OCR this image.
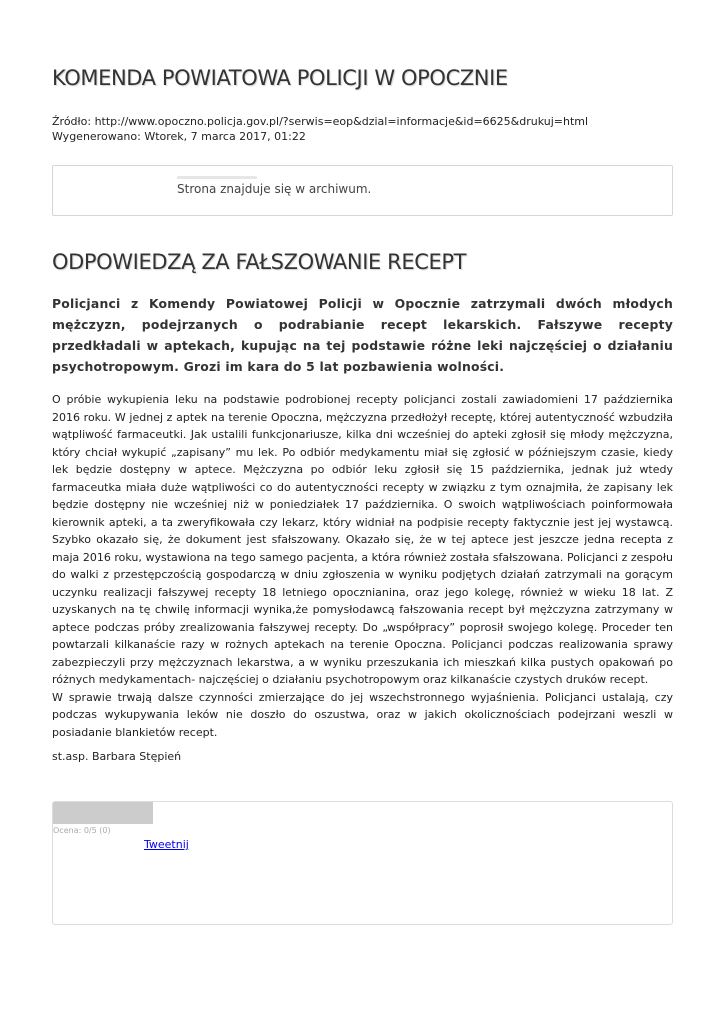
KOMENDA POWIATOWA POLICJI W OPOCZNIE
Źródło: http://www.opoczno.policja.gov.pl/?serwis=eop&dzial=informacje&id=6625&drukuj=html
Wygenerowano: Wtorek, 7 marca 2017, 01:22
Strona znajduje się w archiwum.
ODPOWIEDZĄ ZA FAŁSZOWANIE RECEPT

Policjanci z Komendy Powiatowej Policji w Opocznie zatrzymali dwóch młodych mężczyzn, podejrzanych o podrabianie recept lekarskich. Fałszywe recepty przedkładali w aptekach, kupując na tej podstawie różne leki najczęściej o działaniu psychotropowym. Grozi im kara do 5 lat pozbawienia wolności.

O próbie wykupienia leku na podstawie podrobionej recepty policjanci zostali zawiadomieni 17 października 2016 roku. W jednej z aptek na terenie Opoczna, mężczyzna przedłożył receptę, której autentyczność wzbudziła wątpliwość farmaceutki. Jak ustalili funkcjonariusze, kilka dni wcześniej do apteki zgłosił się młody mężczyzna, który chciał wykupić „zapisany” mu lek. Po odbiór medykamentu miał się zgłosić w późniejszym czasie, kiedy lek będzie dostępny w aptece. Mężczyzna po odbiór leku zgłosił się 15 października, jednak już wtedy farmaceutka miała duże wątpliwości co do autentyczności recepty w związku z tym oznajmiła, że zapisany lek będzie dostępny nie wcześniej niż w poniedziałek 17 października. O swoich wątpliwościach poinformowała kierownik apteki, a ta zweryfikowała czy lekarz, który widniał na podpisie recepty faktycznie jest jej wystawcą. Szybko okazało się, że dokument jest sfałszowany. Okazało się, że w tej aptece jest jeszcze jedna recepta z maja 2016 roku, wystawiona na tego samego pacjenta, a która również została sfałszowana. Policjanci z zespołu do walki z przestępczością gospodarczą w dniu zgłoszenia w wyniku podjętych działań zatrzymali na gorącym uczynku realizacji fałszywej recepty 18 letniego opocznianina, oraz jego kolegę, również w wieku 18 lat. Z uzyskanych na tę chwilę informacji wynika,że pomysłodawcą fałszowania recept był mężczyzna zatrzymany w aptece podczas próby zrealizowania fałszywej recepty. Do „współpracy” poprosił swojego kolegę. Proceder ten powtarzali kilkanaście razy w rożnych aptekach na terenie Opoczna. Policjanci podczas realizowania sprawy zabezpieczyli przy mężczyznach lekarstwa, a w wyniku przeszukania ich mieszkań kilka pustych opakowań po różnych medykamentach- najczęściej o działaniu psychotropowym oraz kilkanaście czystych druków recept.

W sprawie trwają dalsze czynności zmierzające do jej wszechstronnego wyjaśnienia. Policjanci ustalają, czy podczas wykupywania leków nie doszło do oszustwa, oraz w jakich okolicznościach podejrzani weszli w posiadanie blankietów recept.

st.asp. Barbara Stępień
Ocena: 0/5 (0)
Tweetnij
